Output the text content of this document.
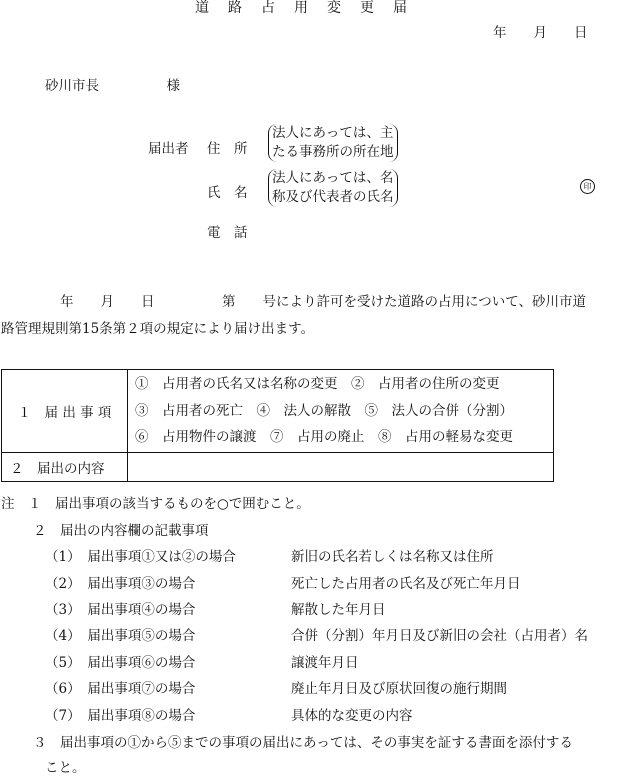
道路占用変更届
年　　月　　日
砂川市長　　　　　様
届出者 住　所
法人にあっては、主
たる事務所の所在地
氏　名
法人にあっては、名
称及び代表者の氏名
印
電　話
年　　月　　日　　　　　第　　号により許可を受けた道路の占用について、砂川市道
路管理規則第15条第２項の規定により届け出ます。
１　届 出 事 項	①　占用者の氏名又は名称の変更　②　占用者の住所の変更
③　占用者の死亡　④　法人の解散　⑤　法人の合併（分割）
⑥　占用物件の譲渡　⑦　占用の廃止　⑧　占用の軽易な変更

２　届出の内容	
注　１　届出事項の該当するものを○で囲むこと。
２　届出の内容欄の記載事項
（1）　届出事項①又は②の場合	新旧の氏名若しくは名称又は住所
（2）　届出事項③の場合	死亡した占用者の氏名及び死亡年月日
（3）　届出事項④の場合	解散した年月日
（4）　届出事項⑤の場合	合併（分割）年月日及び新旧の会社（占用者）名
（5）　届出事項⑥の場合	譲渡年月日
（6）　届出事項⑦の場合	廃止年月日及び原状回復の施行期間
（7）　届出事項⑧の場合	具体的な変更の内容
３　届出事項の①から⑤までの事項の届出にあっては、その事実を証する書面を添付する
こと。
